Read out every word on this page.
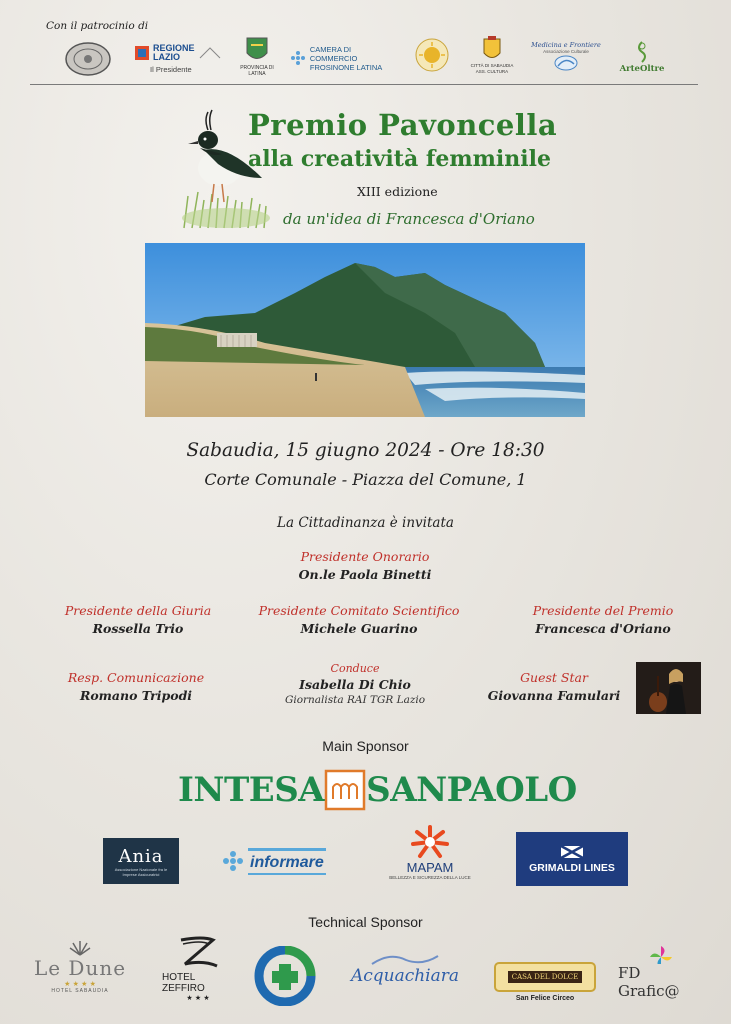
Con il patrocinio di
REGIONE
LAZIO
Il Presidente	PROVINCIA DI LATINA
CAMERA DI COMMERCIO
FROSINONE LATINA	CITTÀ DI SABAUDIA
ASS. CULTURA
Medicina e Frontiere
Associazione Culturale
ArteOltre
Premio Pavoncella
alla creatività femminile
XIII edizione
da un'idea di Francesca d'Oriano
Sabaudia, 15 giugno 2024 - Ore 18:30
Corte Comunale - Piazza del Comune, 1
La Cittadinanza è invitata
Presidente Onorario
On.le Paola Binetti
Presidente della Giuria
Rossella Trio
Presidente Comitato Scientifico
Michele Guarino
Presidente del Premio
Francesca d'Oriano
Resp. Comunicazione
Romano Tripodi
Conduce
Isabella Di Chio
Giornalista RAI TGR Lazio
Guest Star
Giovanna Famulari
Main Sponsor
INTESA SANPAOLO
Ania
Associazione Nazionale fra le Imprese Assicuratrici
informare	MAPAM
BELLEZZA E SICUREZZA DELLA LUCE
GRIMALDI LINES
Technical Sponsor
Le Dune
★ ★ ★ ★
HOTEL SABAUDIA
HOTEL ZEFFIRO
★ ★ ★
Acquachiara	CASA DEL DOLCE
San Felice Circeo
FD Grafic@
